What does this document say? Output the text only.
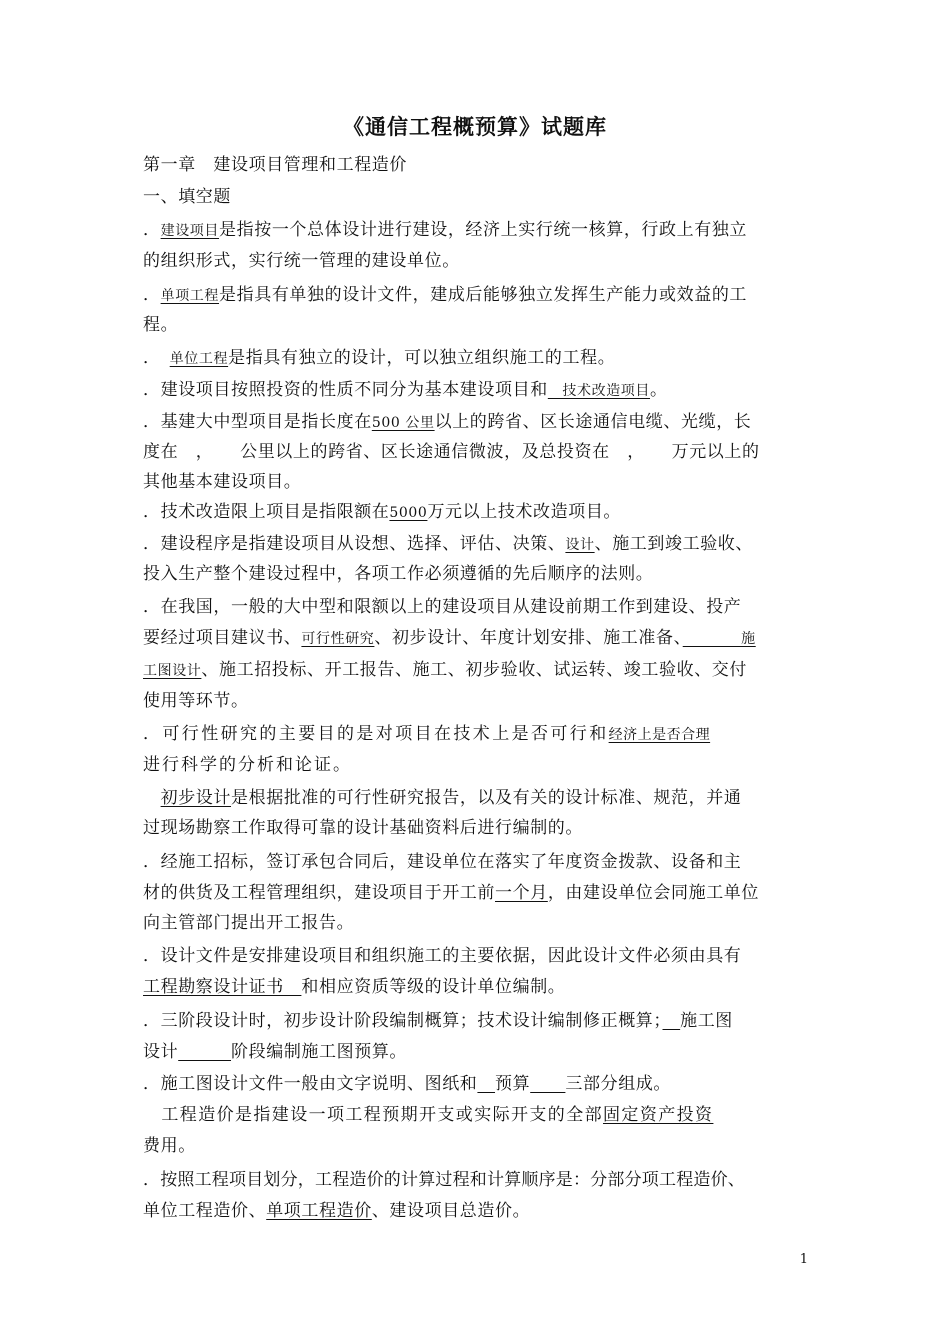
《通信工程概预算》试题库
第一章　建设项目管理和工程造价
一、填空题
．建设项目是指按一个总体设计进行建设，经济上实行统一核算，行政上有独立
的组织形式，实行统一管理的建设单位。
．单项工程是指具有单独的设计文件，建成后能够独立发挥生产能力或效益的工
程。
．　单位工程是指具有独立的设计，可以独立组织施工的工程。
．建设项目按照投资的性质不同分为基本建设项目和　技术改造项目。
．基建大中型项目是指长度在500 公里以上的跨省、区长途通信电缆、光缆，长
度在　，　　公里以上的跨省、区长途通信微波，及总投资在　，　　万元以上的
其他基本建设项目。
．技术改造限上项目是指限额在5000万元以上技术改造项目。
．建设程序是指建设项目从设想、选择、评估、决策、设计、施工到竣工验收、
投入生产整个建设过程中，各项工作必须遵循的先后顺序的法则。
．在我国，一般的大中型和限额以上的建设项目从建设前期工作到建设、投产
要经过项目建议书、可行性研究、初步设计、年度计划安排、施工准备、　　　　施
工图设计、施工招投标、开工报告、施工、初步验收、试运转、竣工验收、交付
使用等环节。
．可行性研究的主要目的是对项目在技术上是否可行和经济上是否合理
进行科学的分析和论证。
　初步设计是根据批准的可行性研究报告，以及有关的设计标准、规范，并通
过现场勘察工作取得可靠的设计基础资料后进行编制的。
．经施工招标，签订承包合同后，建设单位在落实了年度资金拨款、设备和主
材的供货及工程管理组织，建设项目于开工前一个月，由建设单位会同施工单位
向主管部门提出开工报告。
．设计文件是安排建设项目和组织施工的主要依据，因此设计文件必须由具有
工程勘察设计证书　和相应资质等级的设计单位编制。
．三阶段设计时，初步设计阶段编制概算；技术设计编制修正概算；　 施工图
设计　　　	阶段编制施工图预算。
．施工图设计文件一般由文字说明、图纸和　 预算　　 三部分组成。
　工程造价是指建设一项工程预期开支或实际开支的全部固定资产投资
费用。
．按照工程项目划分，工程造价的计算过程和计算顺序是：分部分项工程造价、
单位工程造价、单项工程造价、建设项目总造价。
1
